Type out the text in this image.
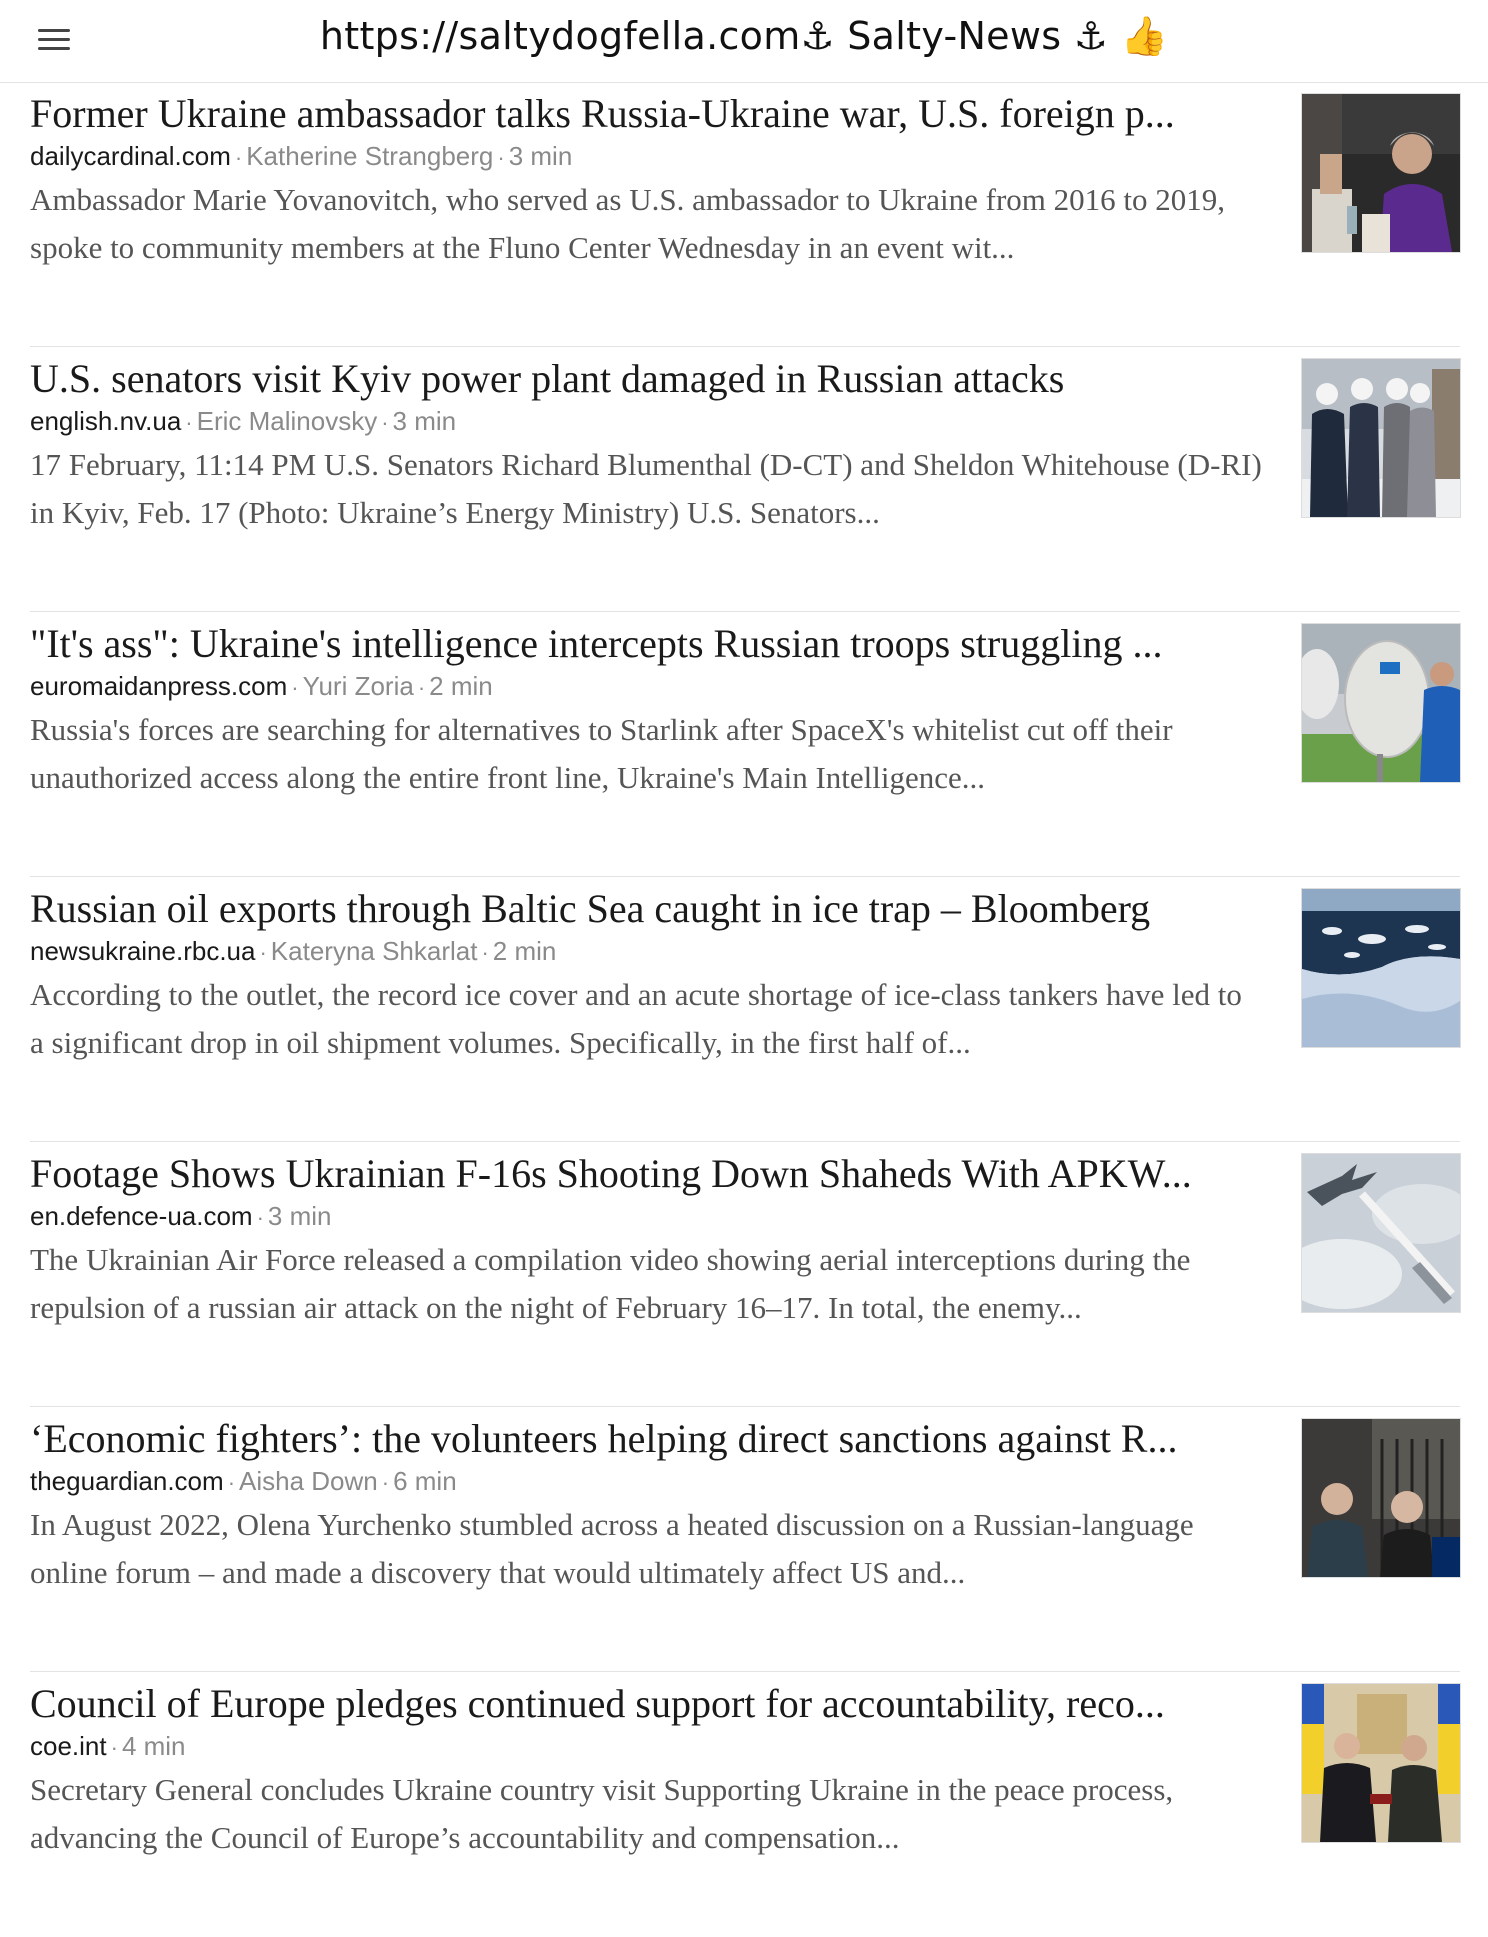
https://saltydogfella.com⚓ Salty-News ⚓ 👍
Former Ukraine ambassador talks Russia-Ukraine war, U.S. foreign p...
dailycardinal.com · Katherine Strangberg · 3 min
Ambassador Marie Yovanovitch, who served as U.S. ambassador to Ukraine from 2016 to 2019, spoke to community members at the Fluno Center Wednesday in an event wit...
U.S. senators visit Kyiv power plant damaged in Russian attacks
english.nv.ua · Eric Malinovsky · 3 min
17 February, 11:14 PM U.S. Senators Richard Blumenthal (D-CT) and Sheldon Whitehouse (D-RI) in Kyiv, Feb. 17 (Photo: Ukraine’s Energy Ministry) U.S. Senators...
"It's ass": Ukraine's intelligence intercepts Russian troops struggling ...
euromaidanpress.com · Yuri Zoria · 2 min
Russia's forces are searching for alternatives to Starlink after SpaceX's whitelist cut off their unauthorized access along the entire front line, Ukraine's Main Intelligence...
Russian oil exports through Baltic Sea caught in ice trap – Bloomberg
newsukraine.rbc.ua · Kateryna Shkarlat · 2 min
According to the outlet, the record ice cover and an acute shortage of ice-class tankers have led to a significant drop in oil shipment volumes. Specifically, in the first half of...
Footage Shows Ukrainian F-16s Shooting Down Shaheds With APKW...
en.defence-ua.com · 3 min
The Ukrainian Air Force released a compilation video showing aerial interceptions during the repulsion of a russian air attack on the night of February 16–17. In total, the enemy...
‘Economic fighters’: the volunteers helping direct sanctions against R...
theguardian.com · Aisha Down · 6 min
In August 2022, Olena Yurchenko stumbled across a heated discussion on a Russian-language online forum – and made a discovery that would ultimately affect US and...
Council of Europe pledges continued support for accountability, reco...
coe.int · 4 min
Secretary General concludes Ukraine country visit Supporting Ukraine in the peace process, advancing the Council of Europe’s accountability and compensation...
